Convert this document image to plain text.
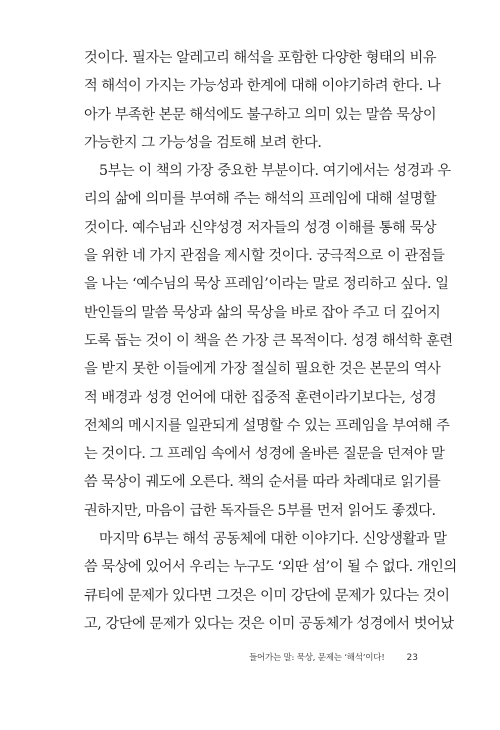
것이다. 필자는 알레고리 해석을 포함한 다양한 형태의 비유
적 해석이 가지는 가능성과 한계에 대해 이야기하려 한다. 나
아가 부족한 본문 해석에도 불구하고 의미 있는 말씀 묵상이
가능한지 그 가능성을 검토해 보려 한다.
5부는 이 책의 가장 중요한 부분이다. 여기에서는 성경과 우
리의 삶에 의미를 부여해 주는 해석의 프레임에 대해 설명할
것이다. 예수님과 신약성경 저자들의 성경 이해를 통해 묵상
을 위한 네 가지 관점을 제시할 것이다. 궁극적으로 이 관점들
을 나는 ‘예수님의 묵상 프레임’이라는 말로 정리하고 싶다. 일
반인들의 말씀 묵상과 삶의 묵상을 바로 잡아 주고 더 깊어지
도록 돕는 것이 이 책을 쓴 가장 큰 목적이다. 성경 해석학 훈련
을 받지 못한 이들에게 가장 절실히 필요한 것은 본문의 역사
적 배경과 성경 언어에 대한 집중적 훈련이라기보다는, 성경
전체의 메시지를 일관되게 설명할 수 있는 프레임을 부여해 주
는 것이다. 그 프레임 속에서 성경에 올바른 질문을 던져야 말
씀 묵상이 궤도에 오른다. 책의 순서를 따라 차례대로 읽기를
권하지만, 마음이 급한 독자들은 5부를 먼저 읽어도 좋겠다.
마지막 6부는 해석 공동체에 대한 이야기다. 신앙생활과 말
씀 묵상에 있어서 우리는 누구도 ‘외딴 섬’이 될 수 없다. 개인의
큐티에 문제가 있다면 그것은 이미 강단에 문제가 있다는 것이
고, 강단에 문제가 있다는 것은 이미 공동체가 성경에서 벗어났
들어가는 말: 묵상, 문제는 ‘해석’이다! 23
